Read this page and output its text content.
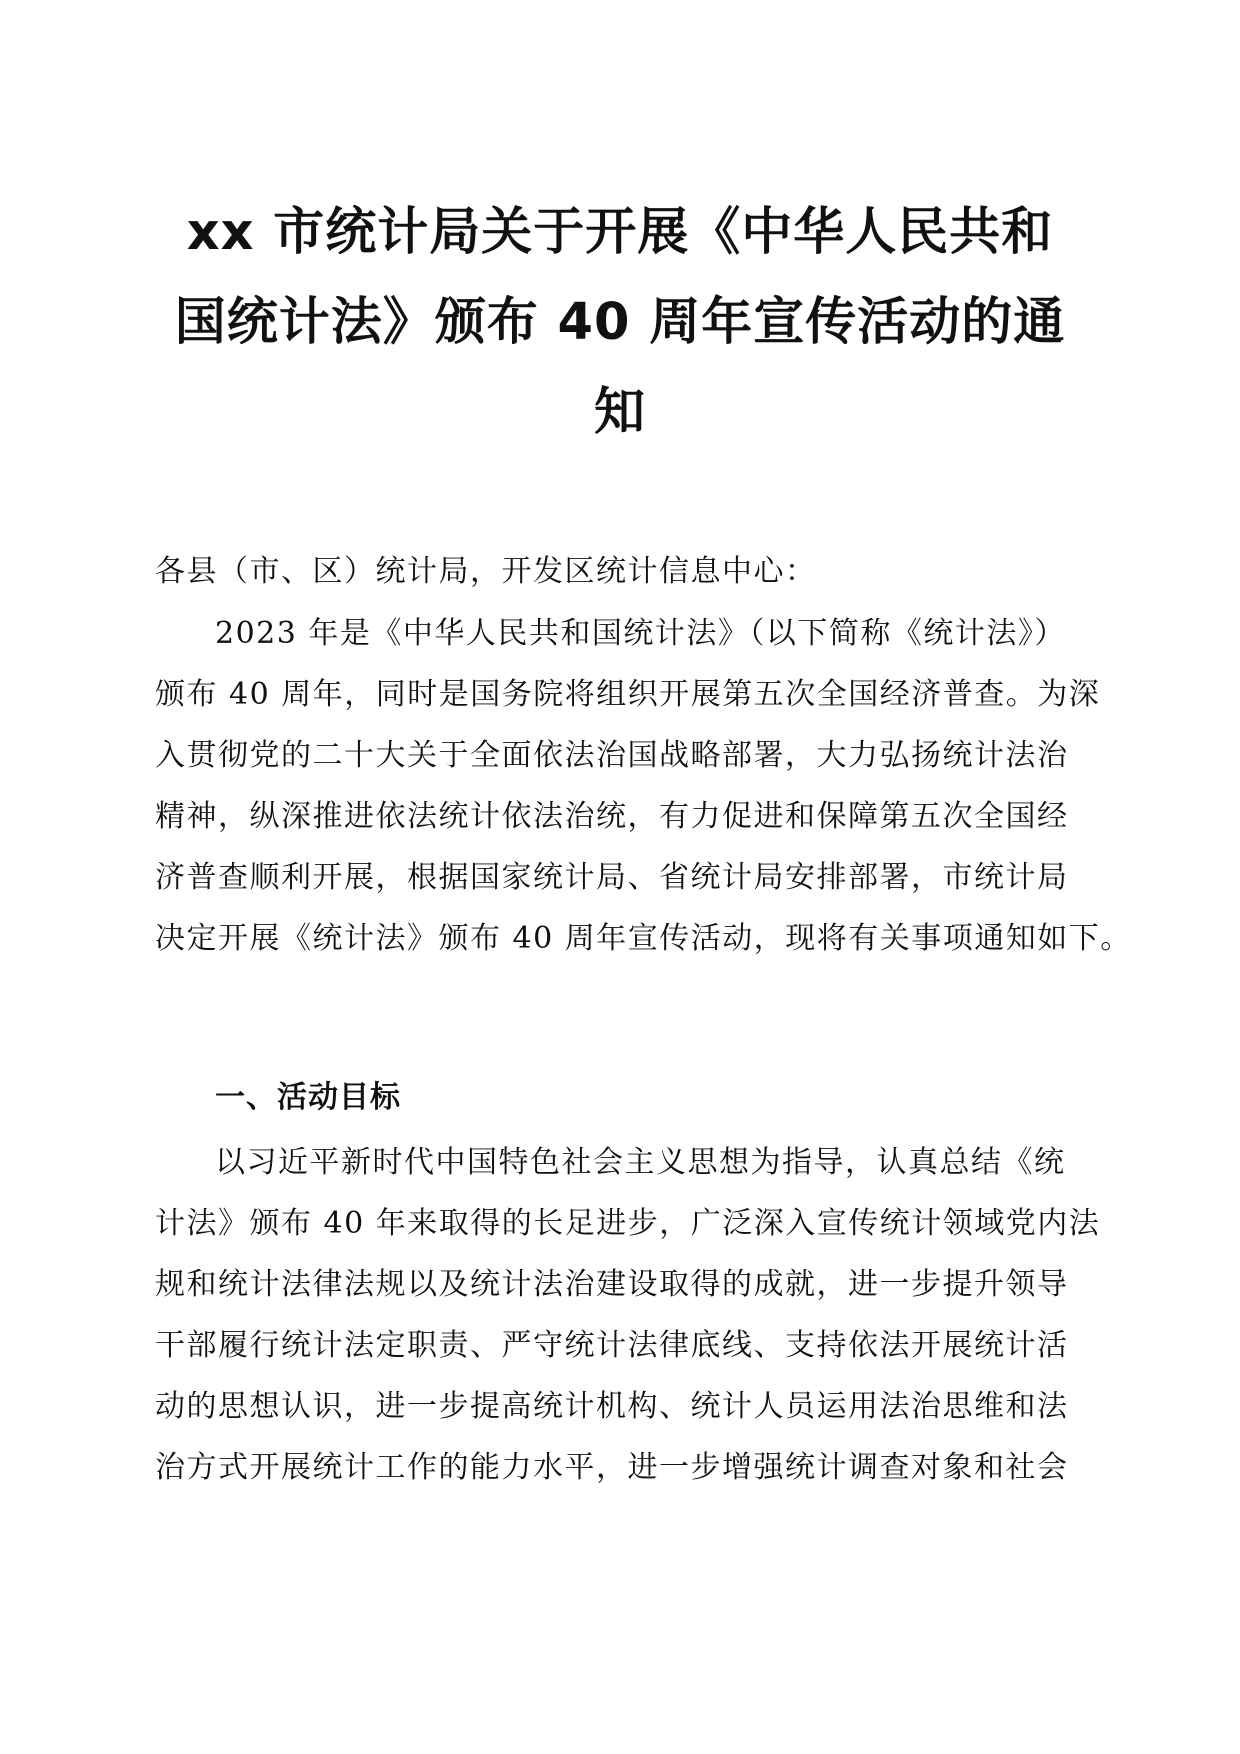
xx 市统计局关于开展《中华人民共和
国统计法》颁布 40 周年宣传活动的通
知

各县（市、区）统计局，开发区统计信息中心：

2023 年是《中华人民共和国统计法》（以下简称《统计法》）
颁布 40 周年，同时是国务院将组织开展第五次全国经济普查。为深
入贯彻党的二十大关于全面依法治国战略部署，大力弘扬统计法治
精神，纵深推进依法统计依法治统，有力促进和保障第五次全国经
济普查顺利开展，根据国家统计局、省统计局安排部署，市统计局
决定开展《统计法》颁布 40 周年宣传活动，现将有关事项通知如下。

一、活动目标

以习近平新时代中国特色社会主义思想为指导，认真总结《统
计法》颁布 40 年来取得的长足进步，广泛深入宣传统计领域党内法
规和统计法律法规以及统计法治建设取得的成就，进一步提升领导
干部履行统计法定职责、严守统计法律底线、支持依法开展统计活
动的思想认识，进一步提高统计机构、统计人员运用法治思维和法
治方式开展统计工作的能力水平，进一步增强统计调查对象和社会
